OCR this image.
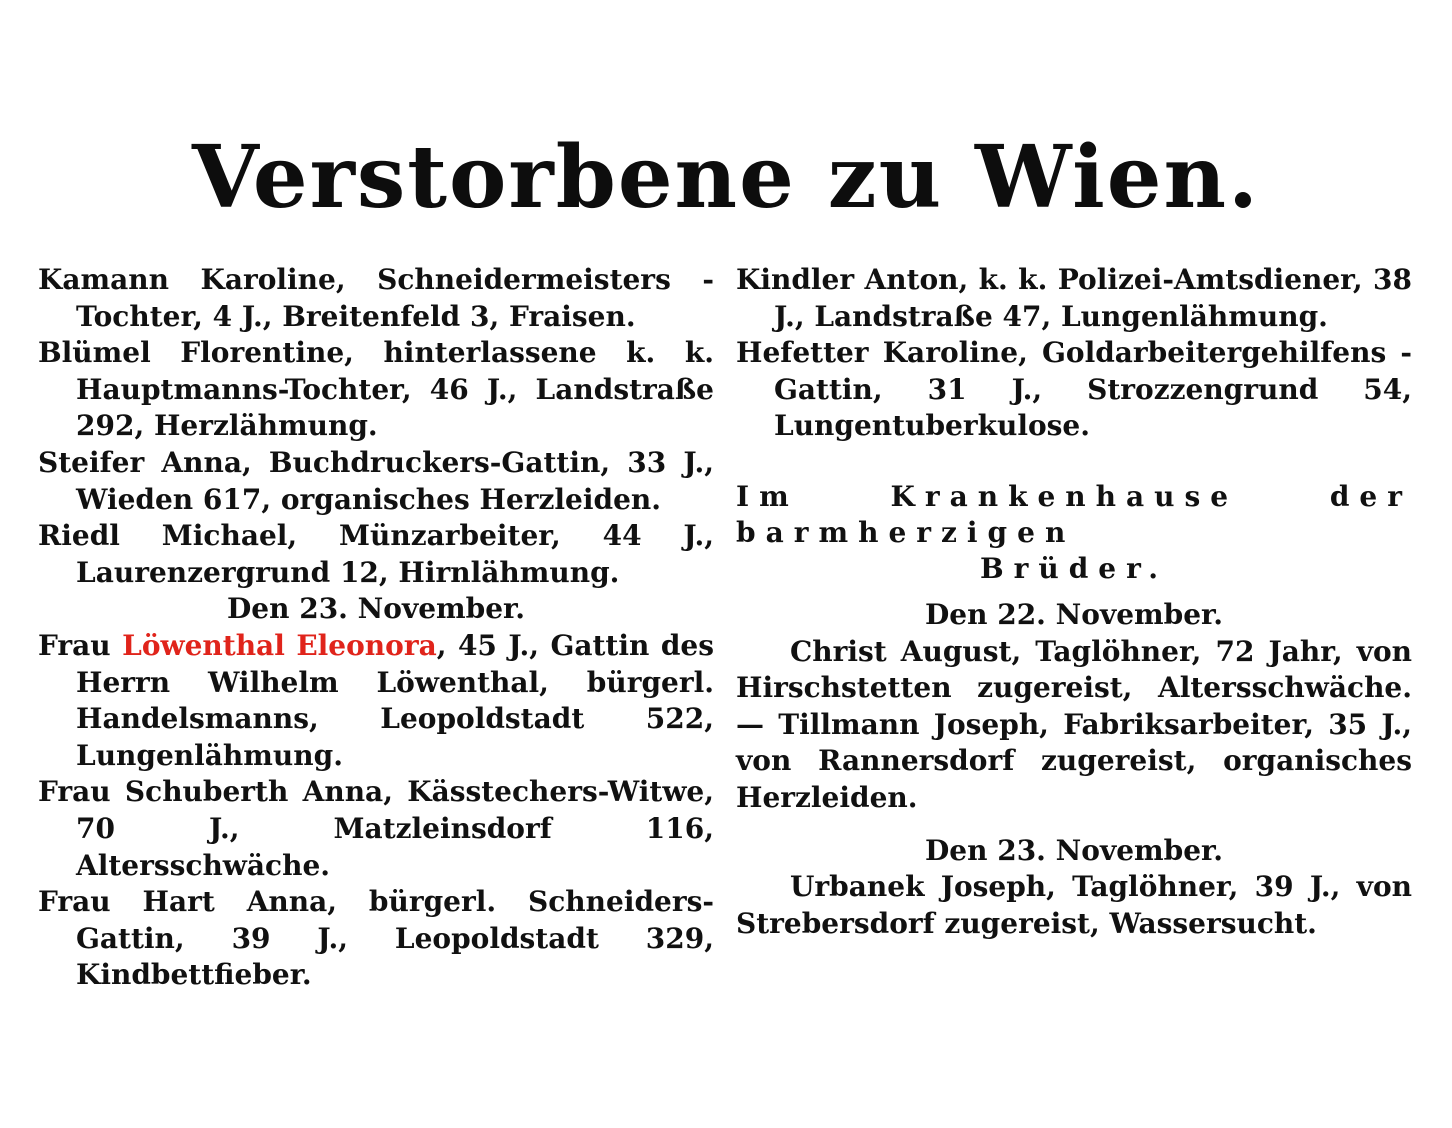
Verstorbene zu Wien.

Kamann Karoline, Schneidermeisters - Tochter, 4 J., Breitenfeld 3, Fraisen.

Blümel Florentine, hinterlassene k. k. Hauptmanns-Tochter, 46 J., Landstraße 292, Herzlähmung.

Steifer Anna, Buchdruckers-Gattin, 33 J., Wieden 617, organisches Herzleiden.

Riedl Michael, Münzarbeiter, 44 J., Laurenzergrund 12, Hirnlähmung.

Den 23. November.

Frau Löwenthal Eleonora, 45 J., Gattin des Herrn Wilhelm Löwenthal, bürgerl. Handelsmanns, Leopoldstadt 522, Lungenlähmung.

Frau Schuberth Anna, Kässtechers-Witwe, 70 J., Matzleinsdorf 116, Altersschwäche.

Frau Hart Anna, bürgerl. Schneiders-Gattin, 39 J., Leopoldstadt 329, Kindbettfieber.

Kindler Anton, k. k. Polizei-Amtsdiener, 38 J., Landstraße 47, Lungenlähmung.

Hefetter Karoline, Goldarbeitergehilfens - Gattin, 31 J., Strozzengrund 54, Lungentuberkulose.

Im Krankenhause der barmherzigen
Brüder.

Den 22. November.

Christ August, Taglöhner, 72 Jahr, von Hirschstetten zugereist, Altersschwäche. — Tillmann Joseph, Fabriksarbeiter, 35 J., von Rannersdorf zugereist, organisches Herzleiden.

Den 23. November.

Urbanek Joseph, Taglöhner, 39 J., von Strebersdorf zugereist, Wassersucht.
